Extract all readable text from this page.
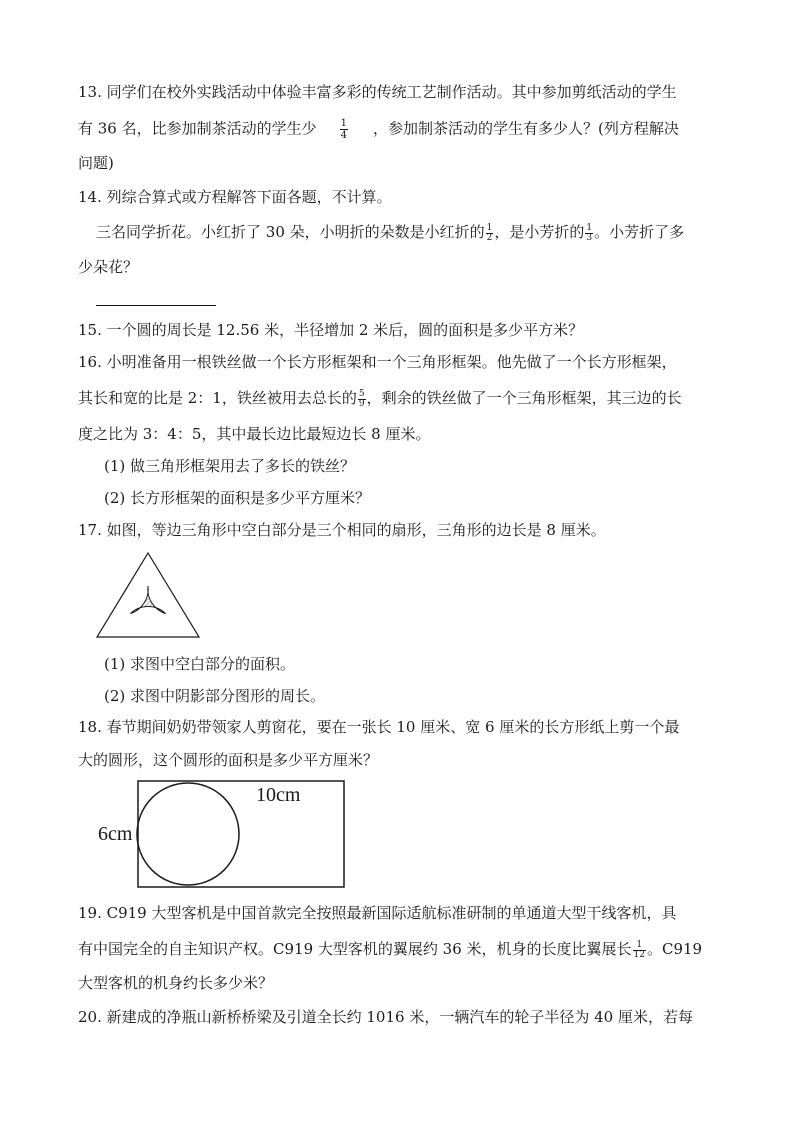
13. 同学们在校外实践活动中体验丰富多彩的传统工艺制作活动。其中参加剪纸活动的学生
有 36 名，比参加制茶活动的学生少 $\frac{1}{4}$ ，参加制茶活动的学生有多少人？(列方程解决
问题)
14. 列综合算式或方程解答下面各题，不计算。
三名同学折花。小红折了 30 朵，小明折的朵数是小红折的 $\frac{1}{2}$ ，是小芳折的 $\frac{1}{3}$ 。小芳折了多
少朵花？
15. 一个圆的周长是 12.56 米，半径增加 2 米后，圆的面积是多少平方米？
16. 小明准备用一根铁丝做一个长方形框架和一个三角形框架。他先做了一个长方形框架，
其长和宽的比是 2：1，铁丝被用去总长的 $\frac{5}{9}$ ，剩余的铁丝做了一个三角形框架，其三边的长
度之比为 3：4：5，其中最长边比最短边长 8 厘米。
(1) 做三角形框架用去了多长的铁丝？
(2) 长方形框架的面积是多少平方厘米？
17. 如图，等边三角形中空白部分是三个相同的扇形，三角形的边长是 8 厘米。
(1) 求图中空白部分的面积。
(2) 求图中阴影部分图形的周长。
18. 春节期间奶奶带领家人剪窗花，要在一张长 10 厘米、宽 6 厘米的长方形纸上剪一个最
大的圆形，这个圆形的面积是多少平方厘米？
10cm
6cm
19. C919 大型客机是中国首款完全按照最新国际适航标准研制的单通道大型干线客机，具
有中国完全的自主知识产权。C919 大型客机的翼展约 36 米，机身的长度比翼展长 $\frac{1}{12}$ 。C919
大型客机的机身约长多少米？
20. 新建成的净瓶山新桥桥梁及引道全长约 1016 米，一辆汽车的轮子半径为 40 厘米，若每
